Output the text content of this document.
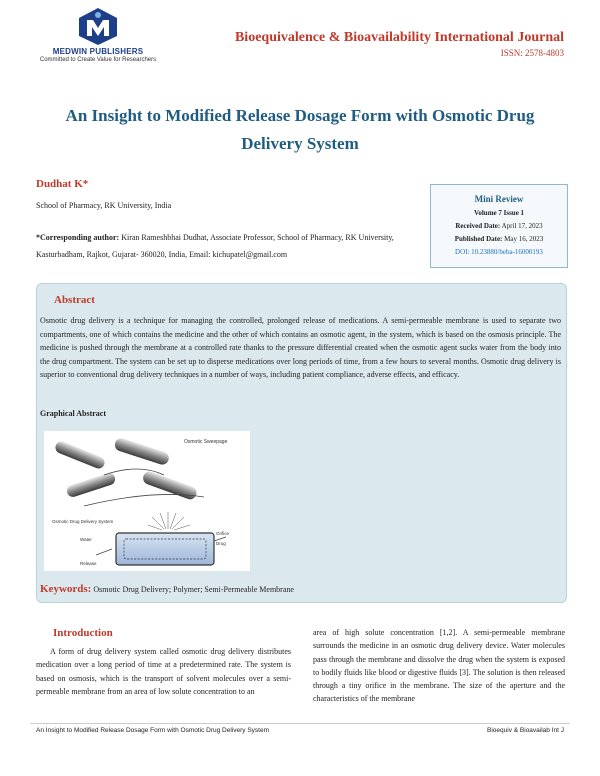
MEDWIN PUBLISHERS
Committed to Create Value for Researchers
Bioequivalence & Bioavailability International Journal
ISSN: 2578-4803
An Insight to Modified Release Dosage Form with Osmotic Drug Delivery System
Dudhat K*
School of Pharmacy, RK University, India
*Corresponding author: Kiran Rameshbhai Dudhat, Associate Professor, School of Pharmacy, RK University, Kasturbadham, Rajkot, Gujarat- 360020, India, Email: kichupatel@gmail.com
Mini Review
Volume 7 Issue 1
Received Date: April 17, 2023
Published Date: May 16, 2023
DOI: 10.23880/beba-16000193
Abstract
Osmotic drug delivery is a technique for managing the controlled, prolonged release of medications. A semi-permeable membrane is used to separate two compartments, one of which contains the medicine and the other of which contains an osmotic agent, in the system, which is based on the osmosis principle. The medicine is pushed through the membrane at a controlled rate thanks to the pressure differential created when the osmotic agent sucks water from the body into the drug compartment. The system can be set up to disperse medications over long periods of time, from a few hours to several months. Osmotic drug delivery is superior to conventional drug delivery techniques in a number of ways, including patient compliance, adverse effects, and efficacy.
Graphical Abstract
Osmotic Sweepage
Osmotic Drug Delivery System
Orifice
Drug
Water
Release
Keywords: Osmotic Drug Delivery; Polymer; Semi-Permeable Membrane
Introduction
A form of drug delivery system called osmotic drug delivery distributes medication over a long period of time at a predetermined rate. The system is based on osmosis, which is the transport of solvent molecules over a semi-permeable membrane from an area of low solute concentration to an
area of high solute concentration [1,2]. A semi-permeable membrane surrounds the medicine in an osmotic drug delivery device. Water molecules pass through the membrane and dissolve the drug when the system is exposed to bodily fluids like blood or digestive fluids [3]. The solution is then released through a tiny orifice in the membrane. The size of the aperture and the characteristics of the membrane
An Insight to Modified Release Dosage Form with Osmotic Drug Delivery System	Bioequiv & Bioavailab Int J
